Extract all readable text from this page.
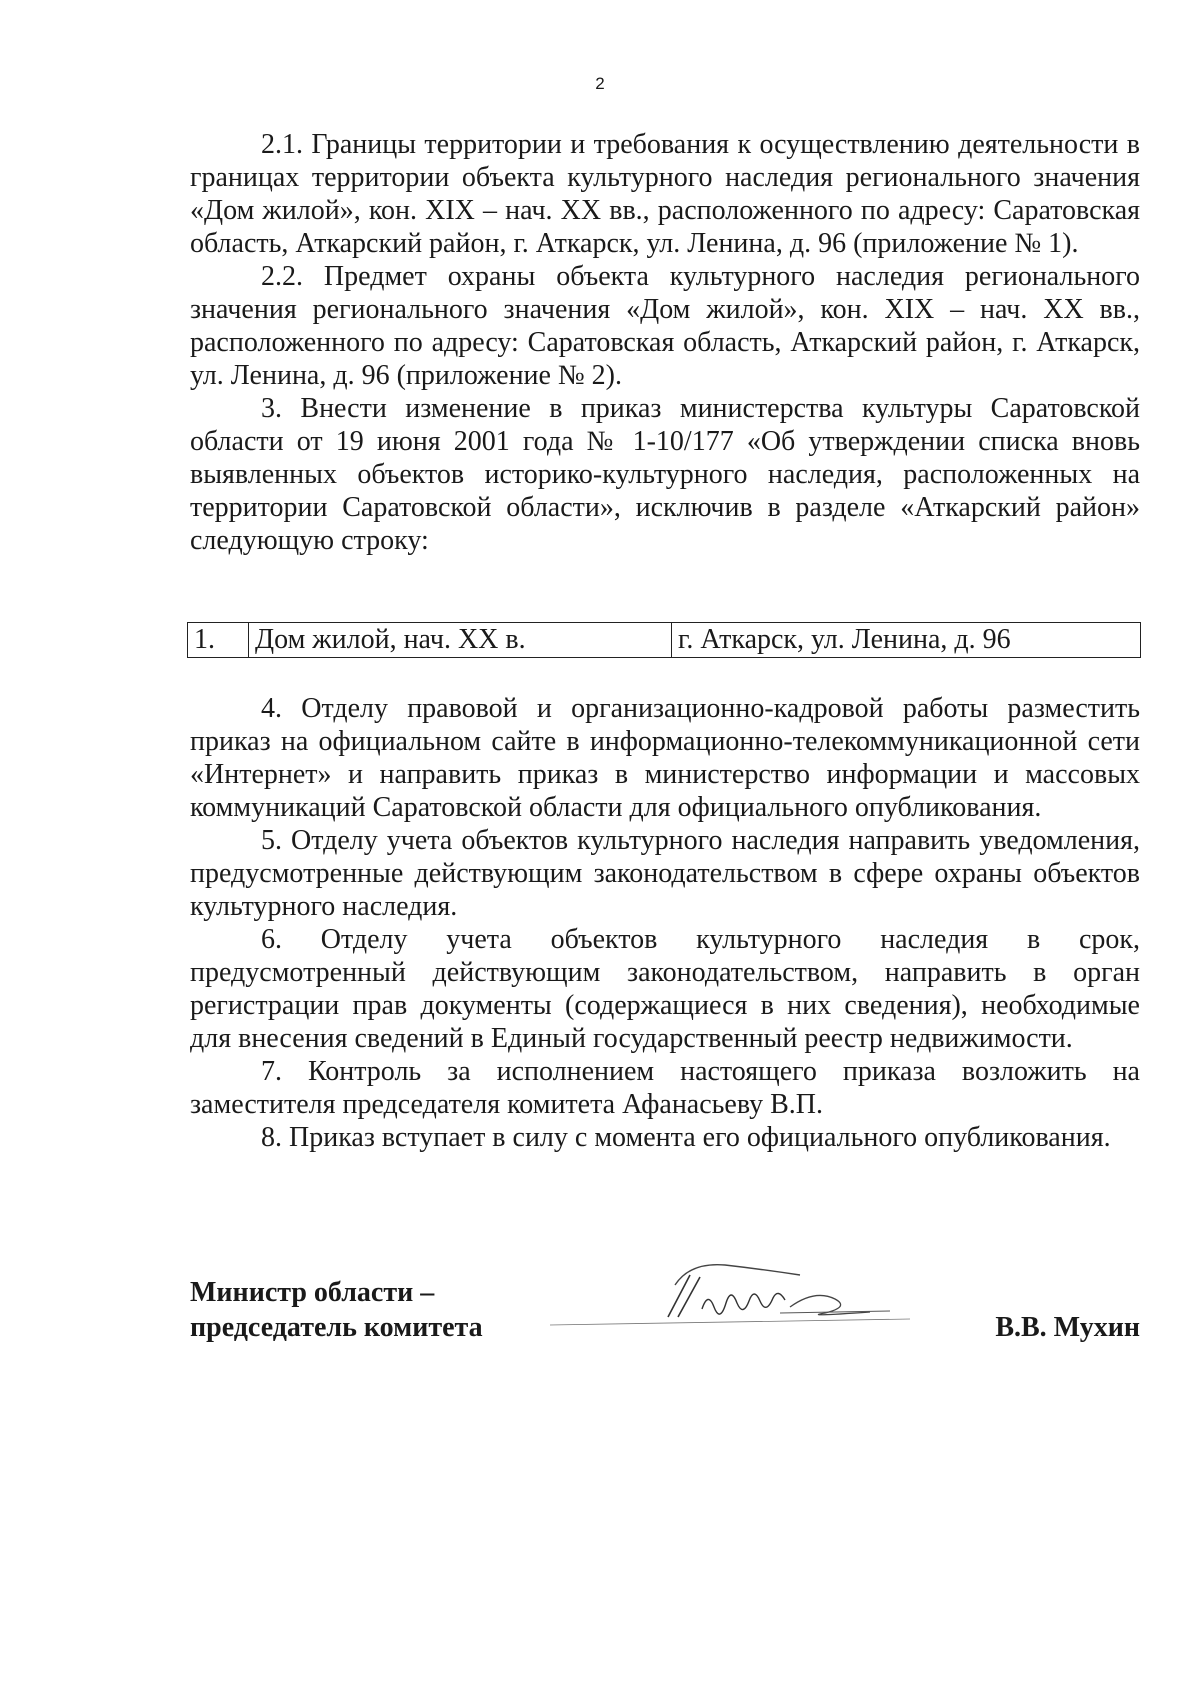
2

2.1. Границы территории и требования к осуществлению деятельности в границах территории объекта культурного наследия регионального значения «Дом жилой», кон. XIX – нач. XX вв., расположенного по адресу: Саратовская область, Аткарский район, г. Аткарск, ул. Ленина, д. 96 (приложение № 1).

2.2. Предмет охраны объекта культурного наследия регионального значения регионального значения «Дом жилой», кон. XIX – нач. XX вв., расположенного по адресу: Саратовская область, Аткарский район, г. Аткарск, ул. Ленина, д. 96 (приложение № 2).

3. Внести изменение в приказ министерства культуры Саратовской области от 19 июня 2001 года № 1-10/177 «Об утверждении списка вновь выявленных объектов историко-культурного наследия, расположенных на территории Саратовской области», исключив в разделе «Аткарский район» следующую строку:

1.	Дом жилой, нач. XX в.	г. Аткарск, ул. Ленина, д. 96

4. Отделу правовой и организационно-кадровой работы разместить приказ на официальном сайте в информационно-телекоммуникационной сети «Интернет» и направить приказ в министерство информации и массовых коммуникаций Саратовской области для официального опубликования.

5. Отделу учета объектов культурного наследия направить уведомления, предусмотренные действующим законодательством в сфере охраны объектов культурного наследия.

6. Отделу учета объектов культурного наследия в срок, предусмотренный действующим законодательством, направить в орган регистрации прав документы (содержащиеся в них сведения), необходимые для внесения сведений в Единый государственный реестр недвижимости.

7. Контроль за исполнением настоящего приказа возложить на заместителя председателя комитета Афанасьеву В.П.

8. Приказ вступает в силу с момента его официального опубликования.

Министр области –
председатель комитета	В.В. Мухин
